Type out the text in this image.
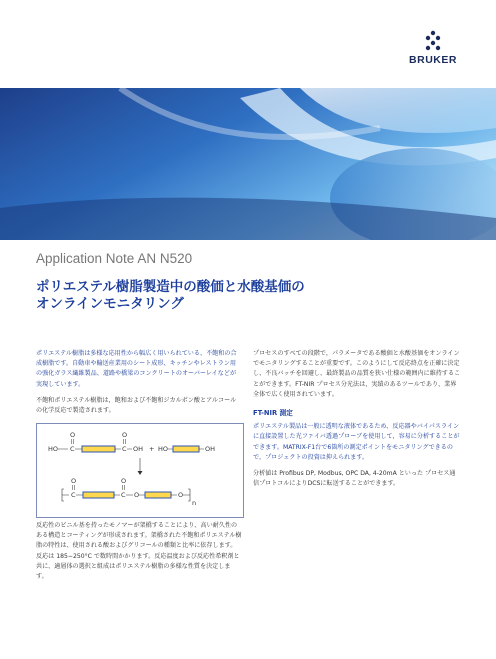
BRUKER
Application Note AN N520
ポリエステル樹脂製造中の酸価と水酸基価の
オンラインモニタリング

ポリエステル樹脂は多様な応用性から幅広く用いられている、不飽和の合成樹脂です。自動車や輸送産業用のシート成形、キッチンやレストラン用の強化ガラス繊維製品、道路や橋梁のコンクリートのオーバーレイなどが実現しています。

不飽和ポリエステル樹脂は，飽和および不飽和ジカルボン酸とアルコールの化学反応で製造されます。

O	O
HO C	C OH + HO	OH
O	O
C	C O	O
n

反応性のビニル基を持ったモノマーが架橋することにより、高い耐久性のある構造とコーティングが形成されます。架橋された不飽和ポリエステル樹脂の特性は、使用される酸およびグリコールの種類と比率に依存します。反応は 185−250°C で数時間かかります。反応温度および反応性希釈剤と共に、適層体の選択と組成はポリエステル樹脂の多様な性質を決定します。

プロセスのすべての段階で，パラメータである酸価と水酸基価をオンラインでモニタリングすることが重要です。このようにして反応終点を正確に決定し、不良バッチを回避し、最終製品の品質を狭い仕様の範囲内に維持することができます。FT-NIR プロセス分光法は，実績のあるツールであり，業界全体で広く使用されています。

FT-NIR 測定

ポリエステル製品は一般に透明な液体であるため、反応器やバイパスラインに直接設置した光ファイバ透過プローブを使用して，容易に分析することができます。MATRIX-F1台で6箇所の測定ポイントをモニタリングできるので，プロジェクトの投資は抑えられます。

分析値は Profibus DP, Modbus, OPC DA, 4-20mA といった プロセス通信プロトコルによりDCSに転送することができます。
